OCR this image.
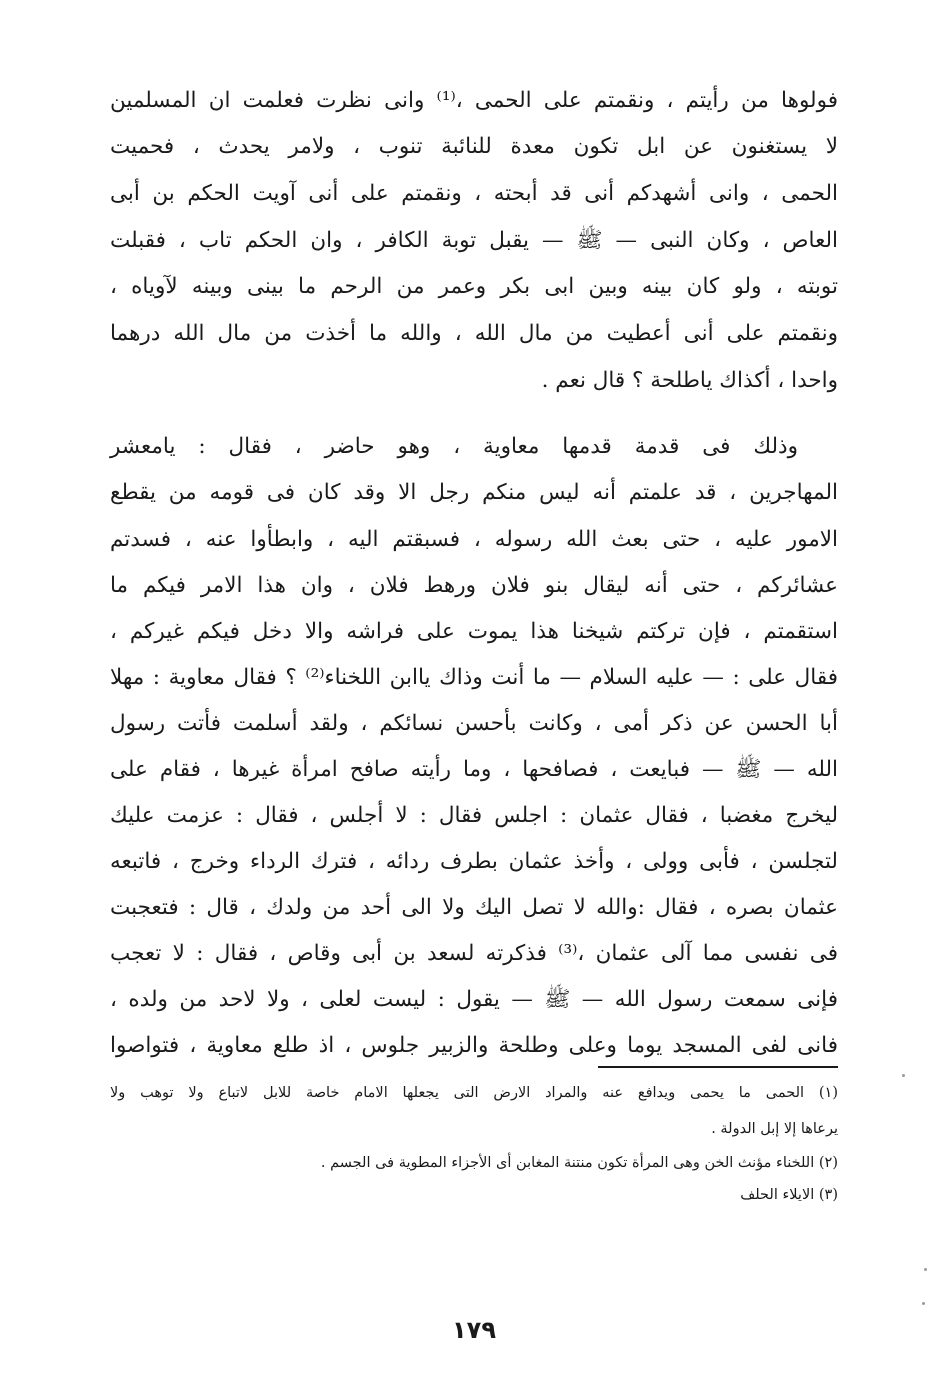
فولوها من رأيتم ، ونقمتم على الحمى ،⁽¹⁾ وانى نظرت فعلمت ان المسلمين
لا يستغنون عن ابل تكون معدة للنائبة تنوب ، ولامر يحدث ، فحميت
الحمى ، وانى أشهدكم أنى قد أبحته ، ونقمتم على أنى آويت الحكم بن أبى
العاص ، وكان النبى — ﷺ — يقبل توبة الكافر ، وان الحكم تاب ، فقبلت
توبته ، ولو كان بينه وبين ابى بكر وعمر من الرحم ما بينى وبينه لآوياه ،
ونقمتم على أنى أعطيت من مال الله ، والله ما أخذت من مال الله درهما
واحدا ، أكذاك ياطلحة ؟ قال نعم .
وذلك فى قدمة قدمها معاوية ، وهو حاضر ، فقال : يامعشر
المهاجرين ، قد علمتم أنه ليس منكم رجل الا وقد كان فى قومه من يقطع
الامور عليه ، حتى بعث الله رسوله ، فسبقتم اليه ، وابطأوا عنه ، فسدتم
عشائركم ، حتى أنه ليقال بنو فلان ورهط فلان ، وان هذا الامر فيكم ما
استقمتم ، فإن تركتم شيخنا هذا يموت على فراشه والا دخل فيكم غيركم ،
فقال على : — عليه السلام — ما أنت وذاك ياابن اللخناء⁽²⁾ ؟ فقال معاوية : مهلا
أبا الحسن عن ذكر أمى ، وكانت بأحسن نسائكم ، ولقد أسلمت فأتت رسول
الله — ﷺ — فبايعت ، فصافحها ، وما رأيته صافح امرأة غيرها ، فقام على
ليخرج مغضبا ، فقال عثمان : اجلس فقال : لا أجلس ، فقال : عزمت عليك
لتجلسن ، فأبى وولى ، وأخذ عثمان بطرف ردائه ، فترك الرداء وخرج ، فاتبعه
عثمان بصره ، فقال :والله لا تصل اليك ولا الى أحد من ولدك ، قال : فتعجبت
فى نفسى مما آلى عثمان ،⁽³⁾ فذكرته لسعد بن أبى وقاص ، فقال : لا تعجب
فإنى سمعت رسول الله — ﷺ — يقول : ليست لعلى ، ولا لاحد من ولده ،
فانى لفى المسجد يوما وعلى وطلحة والزبير جلوس ، اذ طلع معاوية ، فتواصوا
(١) الحمى ما يحمى ويدافع عنه والمراد الارض التى يجعلها الامام خاصة للابل لاتباع ولا توهب ولا
يرعاها إلا إبل الدولة .
(٢) اللخناء مؤنث الخن وهى المرأة تكون منتنة المغابن أى الأجزاء المطوية فى الجسم .
(٣) الايلاء الحلف
١٧٩
